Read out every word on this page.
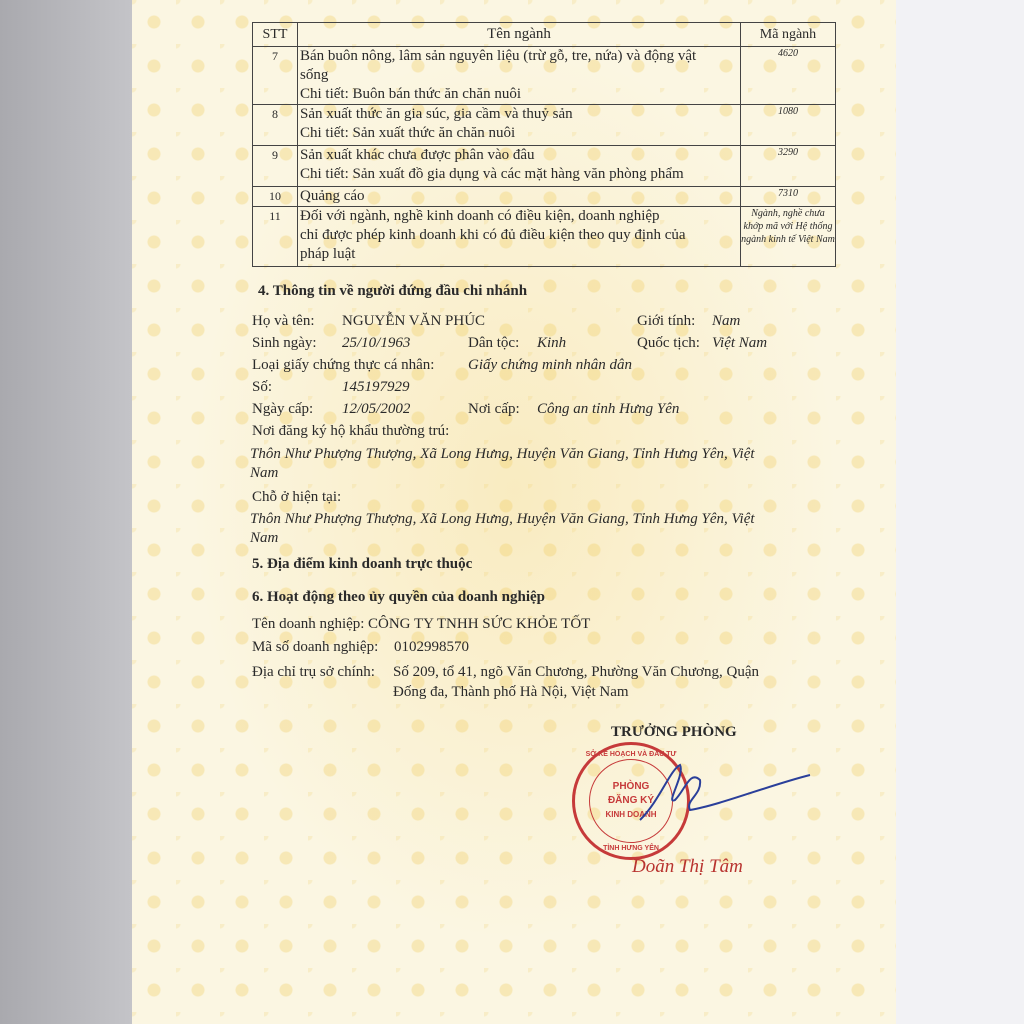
STT	Tên ngành	Mã ngành
7	Bán buôn nông, lâm sản nguyên liệu (trừ gỗ, tre, nứa) và động vật
sống
Chi tiết: Buôn bán thức ăn chăn nuôi	4620
8	Sản xuất thức ăn gia súc, gia cầm và thuỷ sản
Chi tiết: Sản xuất thức ăn chăn nuôi	1080
9	Sản xuất khác chưa được phân vào đâu
Chi tiết: Sản xuất đồ gia dụng và các mặt hàng văn phòng phẩm	3290
10	Quảng cáo	7310
11	Đối với ngành, nghề kinh doanh có điều kiện, doanh nghiệp
chỉ được phép kinh doanh khi có đủ điều kiện theo quy định của
pháp luật	Ngành, nghề chưa khớp mã với Hệ thống ngành kinh tế Việt Nam
4. Thông tin về người đứng đầu chi nhánh
Họ và tên: NGUYỄN VĂN PHÚC	Giới tính: Nam
Sinh ngày: 25/10/1963	Dân tộc: Kinh	Quốc tịch: Việt Nam
Loại giấy chứng thực cá nhân: Giấy chứng minh nhân dân
Số:	145197929
Ngày cấp: 12/05/2002	Nơi cấp: Công an tỉnh Hưng Yên
Nơi đăng ký hộ khẩu thường trú:
Thôn Như Phượng Thượng, Xã Long Hưng, Huyện Văn Giang, Tỉnh Hưng Yên, Việt
Nam
Chỗ ở hiện tại:
Thôn Như Phượng Thượng, Xã Long Hưng, Huyện Văn Giang, Tỉnh Hưng Yên, Việt
Nam
5. Địa điểm kinh doanh trực thuộc
6. Hoạt động theo ủy quyền của doanh nghiệp
Tên doanh nghiệp: CÔNG TY TNHH SỨC KHỎE TỐT
Mã số doanh nghiệp: 0102998570
Địa chỉ trụ sở chính: Số 209, tổ 41, ngõ Văn Chương, Phường Văn Chương, Quận
Đống đa, Thành phố Hà Nội, Việt Nam
TRƯỞNG PHÒNG
SỞ KẾ HOẠCH VÀ ĐẦU TƯ
PHÒNG
ĐĂNG KÝ
KINH DOANH
TỈNH HƯNG YÊN
Doãn Thị Tâm
